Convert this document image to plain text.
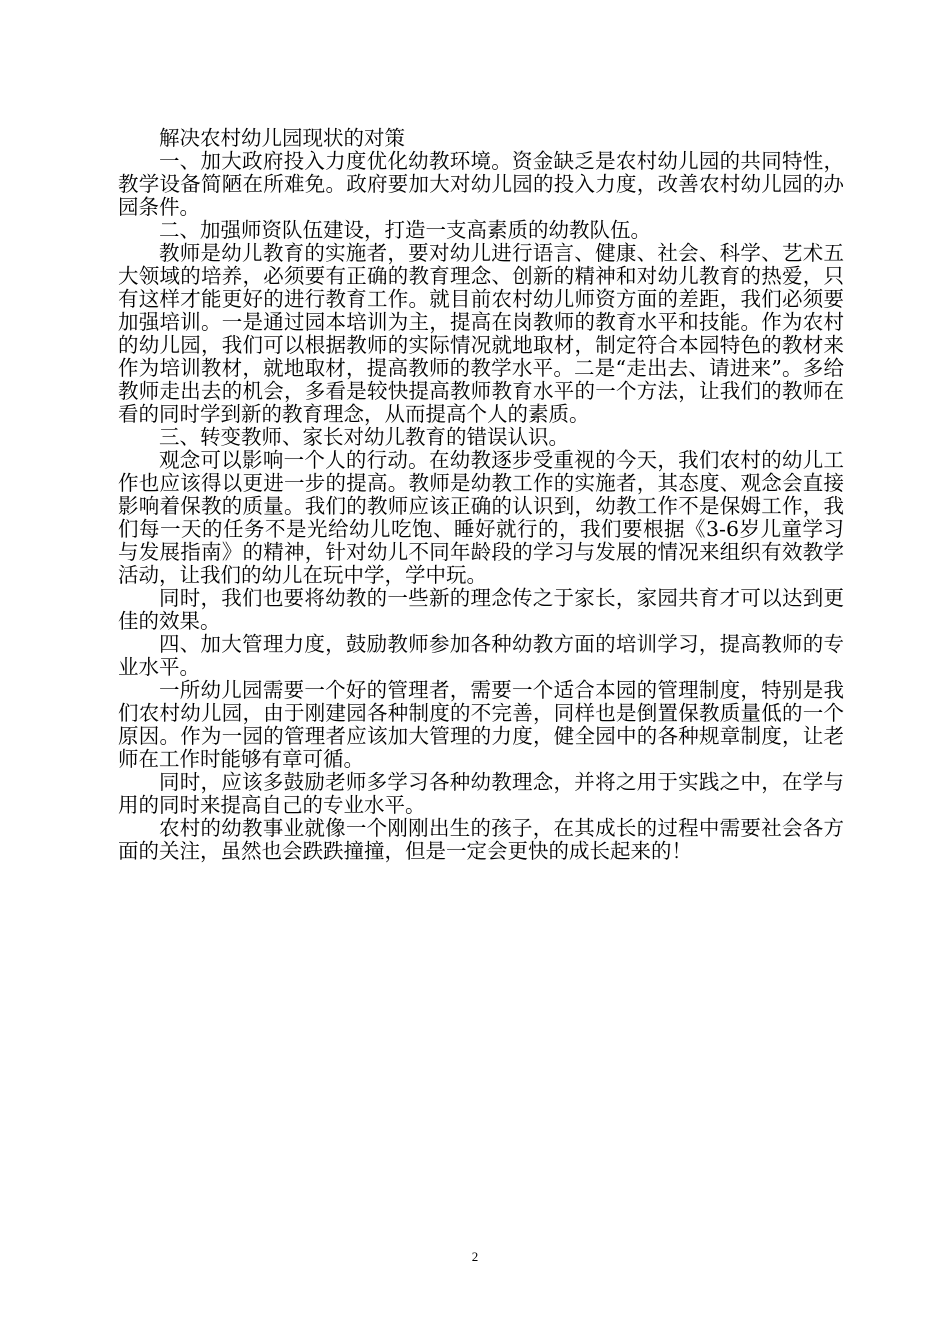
解决农村幼儿园现状的对策

一、加大政府投入力度优化幼教环境。资金缺乏是农村幼儿园的共同特性，教学设备简陋在所难免。政府要加大对幼儿园的投入力度，改善农村幼儿园的办园条件。

二、加强师资队伍建设，打造一支高素质的幼教队伍。

教师是幼儿教育的实施者，要对幼儿进行语言、健康、社会、科学、艺术五大领域的培养，必须要有正确的教育理念、创新的精神和对幼儿教育的热爱，只有这样才能更好的进行教育工作。就目前农村幼儿师资方面的差距，我们必须要加强培训。一是通过园本培训为主，提高在岗教师的教育水平和技能。作为农村的幼儿园，我们可以根据教师的实际情况就地取材，制定符合本园特色的教材来作为培训教材，就地取材，提高教师的教学水平。二是“走出去、请进来”。多给教师走出去的机会，多看是较快提高教师教育水平的一个方法，让我们的教师在看的同时学到新的教育理念，从而提高个人的素质。

三、转变教师、家长对幼儿教育的错误认识。

观念可以影响一个人的行动。在幼教逐步受重视的今天，我们农村的幼儿工作也应该得以更进一步的提高。教师是幼教工作的实施者，其态度、观念会直接影响着保教的质量。我们的教师应该正确的认识到，幼教工作不是保姆工作，我们每一天的任务不是光给幼儿吃饱、睡好就行的，我们要根据《3-6岁儿童学习与发展指南》的精神，针对幼儿不同年龄段的学习与发展的情况来组织有效教学活动，让我们的幼儿在玩中学，学中玩。

同时，我们也要将幼教的一些新的理念传之于家长，家园共育才可以达到更佳的效果。

四、加大管理力度，鼓励教师参加各种幼教方面的培训学习，提高教师的专业水平。

一所幼儿园需要一个好的管理者，需要一个适合本园的管理制度，特别是我们农村幼儿园，由于刚建园各种制度的不完善，同样也是倒置保教质量低的一个原因。作为一园的管理者应该加大管理的力度，健全园中的各种规章制度，让老师在工作时能够有章可循。

同时，应该多鼓励老师多学习各种幼教理念，并将之用于实践之中，在学与用的同时来提高自己的专业水平。

农村的幼教事业就像一个刚刚出生的孩子，在其成长的过程中需要社会各方面的关注，虽然也会跌跌撞撞，但是一定会更快的成长起来的！

2
